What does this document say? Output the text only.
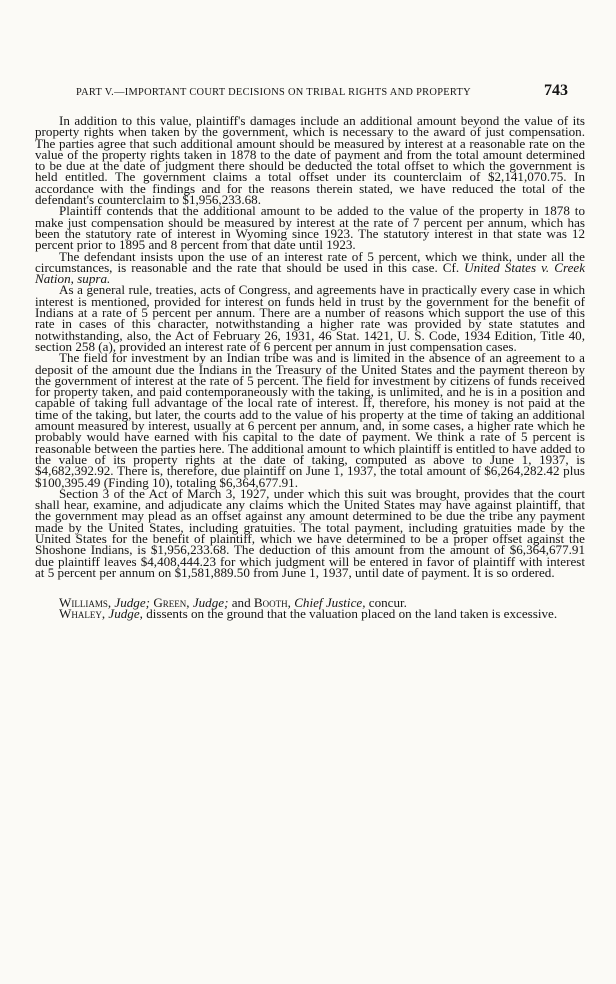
PART V.—IMPORTANT COURT DECISIONS ON TRIBAL RIGHTS AND PROPERTY	743

In addition to this value, plaintiff's damages include an additional amount beyond the value of its property rights when taken by the government, which is necessary to the award of just compensation. The parties agree that such additional amount should be measured by interest at a reasonable rate on the value of the property rights taken in 1878 to the date of payment and from the total amount determined to be due at the date of judgment there should be deducted the total offset to which the government is held entitled. The government claims a total offset under its counterclaim of $2,141,070.75. In accordance with the findings and for the reasons therein stated, we have reduced the total of the defendant's counterclaim to $1,956,233.68.

Plaintiff contends that the additional amount to be added to the value of the property in 1878 to make just compensation should be measured by interest at the rate of 7 percent per annum, which has been the statutory rate of interest in Wyoming since 1923. The statutory interest in that state was 12 percent prior to 1895 and 8 percent from that date until 1923.

The defendant insists upon the use of an interest rate of 5 percent, which we think, under all the circumstances, is reasonable and the rate that should be used in this case. Cf. United States v. Creek Nation, supra.

As a general rule, treaties, acts of Congress, and agreements have in practically every case in which interest is mentioned, provided for interest on funds held in trust by the government for the benefit of Indians at a rate of 5 percent per annum. There are a number of reasons which support the use of this rate in cases of this character, notwithstanding a higher rate was provided by state statutes and notwithstanding, also, the Act of February 26, 1931, 46 Stat. 1421, U. S. Code, 1934 Edition, Title 40, section 258 (a), provided an interest rate of 6 percent per annum in just compensation cases.

The field for investment by an Indian tribe was and is limited in the absence of an agreement to a deposit of the amount due the Indians in the Treasury of the United States and the payment thereon by the government of interest at the rate of 5 percent. The field for investment by citizens of funds received for property taken, and paid contemporaneously with the taking, is unlimited, and he is in a position and capable of taking full advantage of the local rate of interest. If, therefore, his money is not paid at the time of the taking, but later, the courts add to the value of his property at the time of taking an additional amount measured by interest, usually at 6 percent per annum, and, in some cases, a higher rate which he probably would have earned with his capital to the date of payment. We think a rate of 5 percent is reasonable between the parties here. The additional amount to which plaintiff is entitled to have added to the value of its property rights at the date of taking, computed as above to June 1, 1937, is $4,682,392.92. There is, therefore, due plaintiff on June 1, 1937, the total amount of $6,264,282.42 plus $100,395.49 (Finding 10), totaling $6,364,677.91.

Section 3 of the Act of March 3, 1927, under which this suit was brought, provides that the court shall hear, examine, and adjudicate any claims which the United States may have against plaintiff, that the government may plead as an offset against any amount determined to be due the tribe any payment made by the United States, including gratuities. The total payment, including gratuities made by the United States for the benefit of plaintiff, which we have determined to be a proper offset against the Shoshone Indians, is $1,956,233.68. The deduction of this amount from the amount of $6,364,677.91 due plaintiff leaves $4,408,444.23 for which judgment will be entered in favor of plaintiff with interest at 5 percent per annum on $1,581,889.50 from June 1, 1937, until date of payment. It is so ordered.

Williams, Judge; Green, Judge; and Booth, Chief Justice, concur.

Whaley, Judge, dissents on the ground that the valuation placed on the land taken is excessive.
